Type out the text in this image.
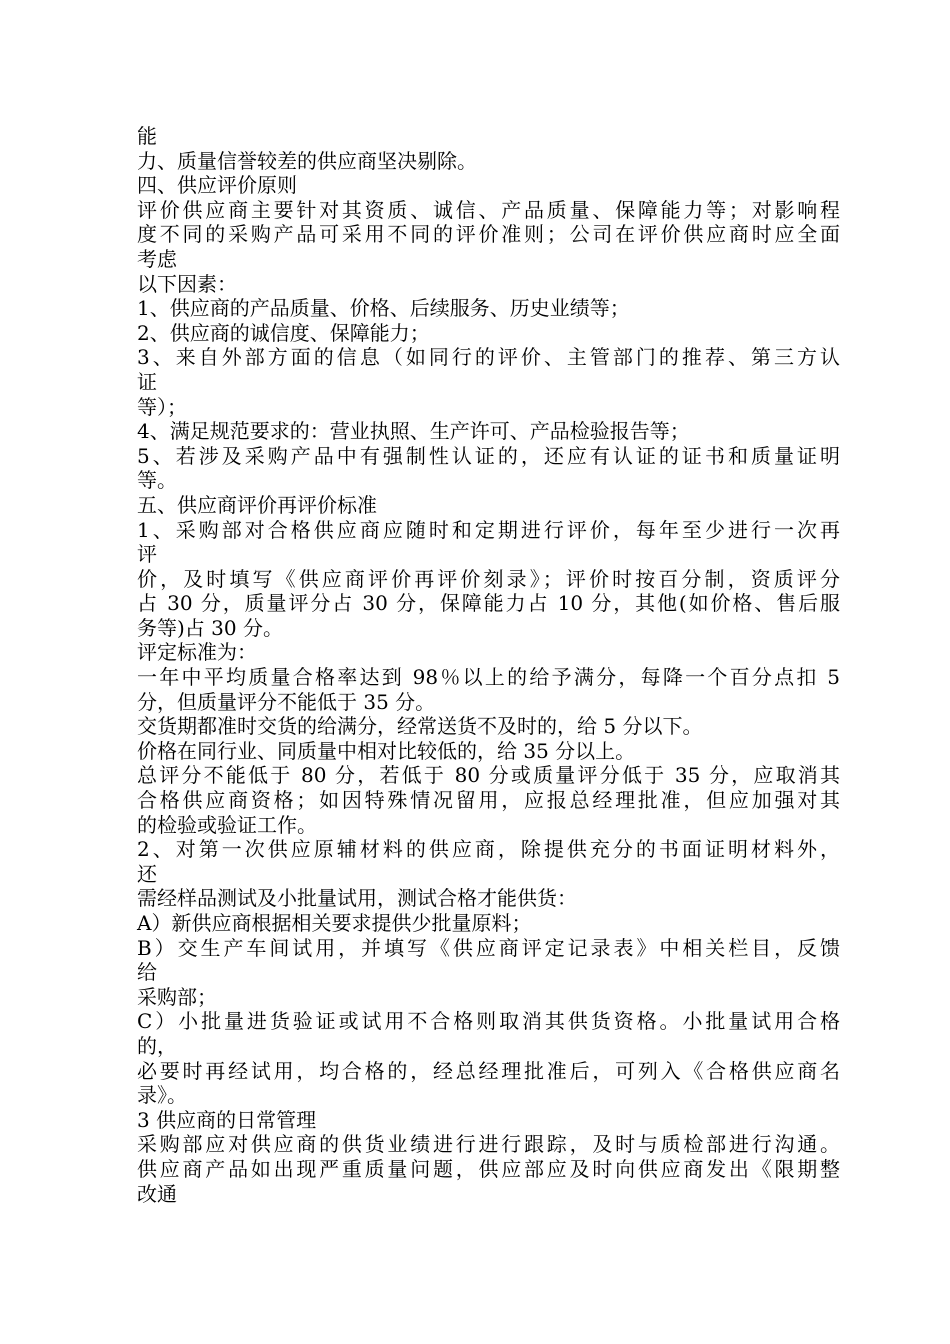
能
力、质量信誉较差的供应商坚决剔除。
四、供应评价原则
评价供应商主要针对其资质、诚信、产品质量、保障能力等；对影响程
度不同的采购产品可采用不同的评价准则；公司在评价供应商时应全面
考虑
以下因素：
1、供应商的产品质量、价格、后续服务、历史业绩等；
2、供应商的诚信度、保障能力；
3、来自外部方面的信息（如同行的评价、主管部门的推荐、第三方认
证
等）；
4、满足规范要求的：营业执照、生产许可、产品检验报告等；
5、若涉及采购产品中有强制性认证的，还应有认证的证书和质量证明
等。
五、供应商评价再评价标准
1、采购部对合格供应商应随时和定期进行评价，每年至少进行一次再
评
价，及时填写《供应商评价再评价刻录》；评价时按百分制，资质评分
占 30 分，质量评分占 30 分，保障能力占 10 分，其他(如价格、售后服
务等)占 30 分。
评定标准为：
一年中平均质量合格率达到 98％以上的给予满分，每降一个百分点扣 5
分，但质量评分不能低于 35 分。
交货期都准时交货的给满分，经常送货不及时的，给 5 分以下。
价格在同行业、同质量中相对比较低的，给 35 分以上。
总评分不能低于 80 分，若低于 80 分或质量评分低于 35 分，应取消其
合格供应商资格；如因特殊情况留用，应报总经理批准，但应加强对其
的检验或验证工作。
2、对第一次供应原辅材料的供应商，除提供充分的书面证明材料外，
还
需经样品测试及小批量试用，测试合格才能供货：
A）新供应商根据相关要求提供少批量原料；
B）交生产车间试用，并填写《供应商评定记录表》中相关栏目，反馈
给
采购部；
C）小批量进货验证或试用不合格则取消其供货资格。小批量试用合格
的，
必要时再经试用，均合格的，经总经理批准后，可列入《合格供应商名
录》。
3 供应商的日常管理
采购部应对供应商的供货业绩进行进行跟踪，及时与质检部进行沟通。
供应商产品如出现严重质量问题，供应部应及时向供应商发出《限期整
改通
